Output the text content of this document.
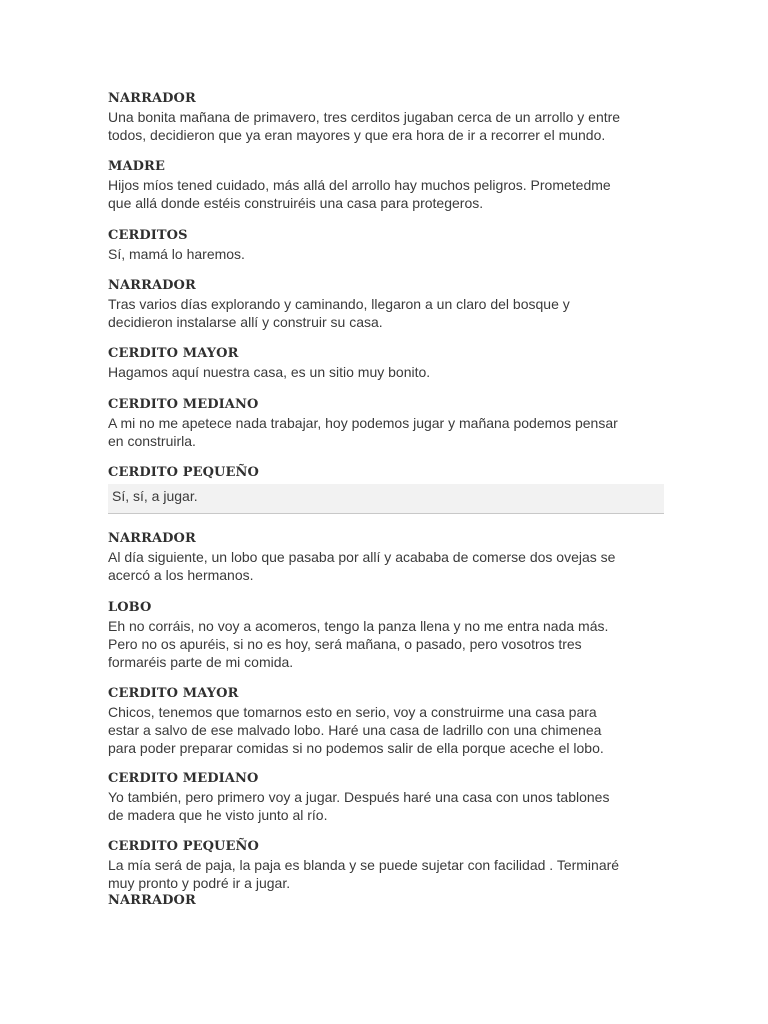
NARRADOR
Una bonita mañana de primavero, tres cerditos jugaban cerca de un arrollo y entre
todos, decidieron que ya eran mayores y que era hora de ir a recorrer el mundo.
MADRE
Hijos míos tened cuidado, más allá del arrollo hay muchos peligros. Prometedme
que allá donde estéis construiréis una casa para protegeros.
CERDITOS
Sí, mamá lo haremos.
NARRADOR
Tras varios días explorando y caminando, llegaron a un claro del bosque y
decidieron instalarse allí y construir su casa.
CERDITO MAYOR
Hagamos aquí nuestra casa, es un sitio muy bonito.
CERDITO MEDIANO
A mi no me apetece nada trabajar, hoy podemos jugar y mañana podemos pensar
en construirla.
CERDITO PEQUEÑO
Sí, sí, a jugar.
NARRADOR
Al día siguiente, un lobo que pasaba por allí y acababa de comerse dos ovejas se
acercó a los hermanos.
LOBO
Eh no corráis, no voy a acomeros, tengo la panza llena y no me entra nada más.
Pero no os apuréis, si no es hoy, será mañana, o pasado, pero vosotros tres
formaréis parte de mi comida.
CERDITO MAYOR
Chicos, tenemos que tomarnos esto en serio, voy a construirme una casa para
estar a salvo de ese malvado lobo. Haré una casa de ladrillo con una chimenea
para poder preparar comidas si no podemos salir de ella porque aceche el lobo.
CERDITO MEDIANO
Yo también, pero primero voy a jugar. Después haré una casa con unos tablones
de madera que he visto junto al río.
CERDITO PEQUEÑO
La mía será de paja, la paja es blanda y se puede sujetar con facilidad . Terminaré
muy pronto y podré ir a jugar.
NARRADOR
